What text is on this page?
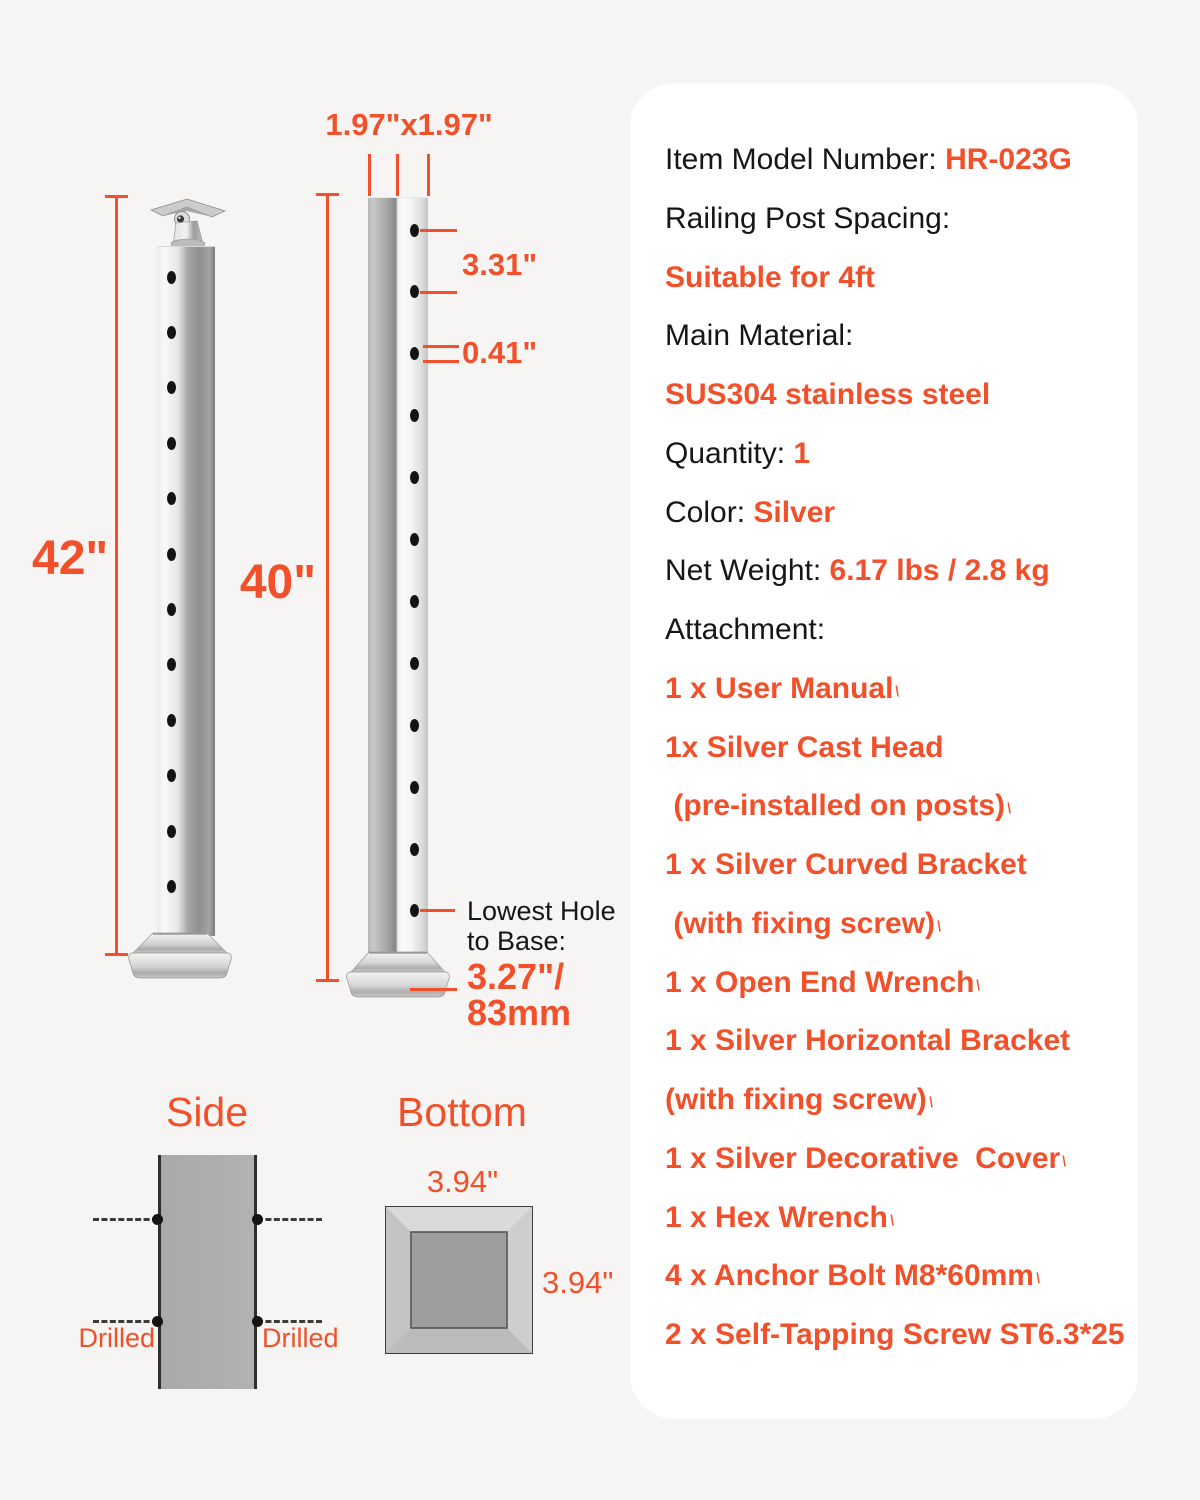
1.97"x1.97"
42"	40"
3.31"
0.41"
Lowest Hole
to Base:
3.27"/
83mm
Side
Drilled	Drilled
Bottom
3.94"
3.94"
Item Model Number: HR-023G
Railing Post Spacing:
Suitable for 4ft
Main Material:
SUS304 stainless steel
Quantity: 1
Color: Silver
Net Weight: 6.17 lbs / 2.8 kg
Attachment:
1 x User Manual \
1x Silver Cast Head
(pre-installed on posts) \
1 x Silver Curved Bracket
(with fixing screw) \
1 x Open End Wrench \
1 x Silver Horizontal Bracket
(with fixing screw) \
1 x Silver Decorative  Cover \
1 x Hex Wrench \
4 x Anchor Bolt M8*60mm \
2 x Self-Tapping Screw ST6.3*25
